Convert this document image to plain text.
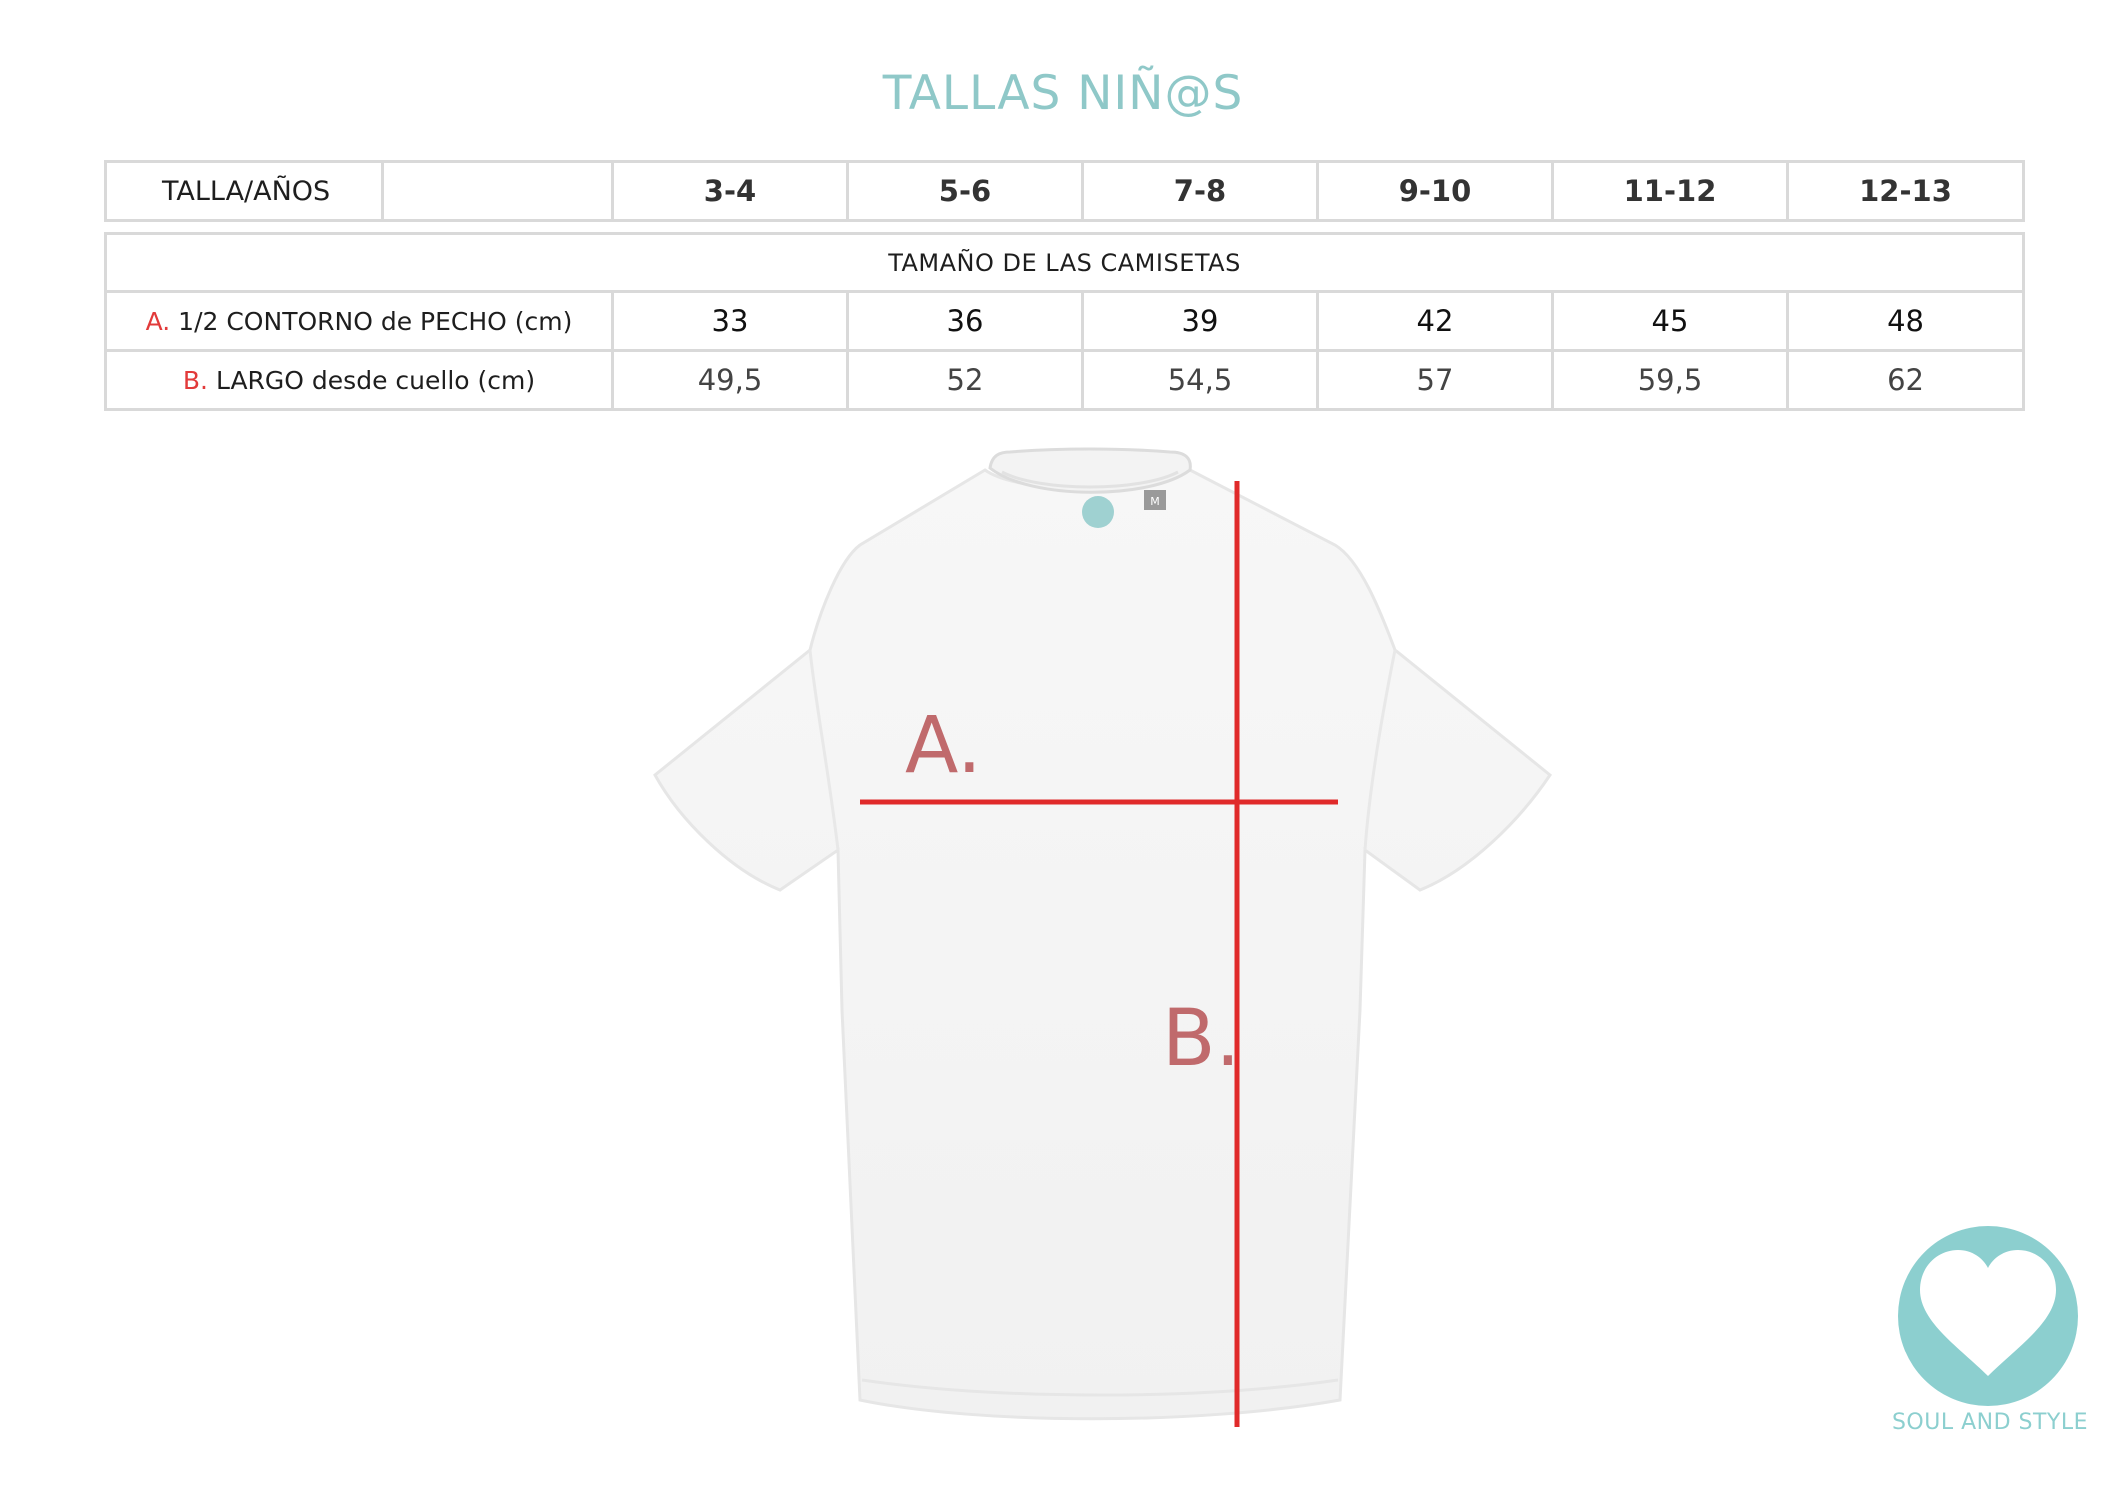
TALLAS NIÑ@S
TALLA/AÑOS		3-4	5-6	7-8	9-10	11-12	12-13
TAMAÑO DE LAS CAMISETAS						
A. 1/2 CONTORNO de PECHO (cm)	33	36	39	42	45	48
B. LARGO desde cuello (cm)	49,5	52	54,5	57	59,5	62
M
A.
B.
SOUL AND STYLE
